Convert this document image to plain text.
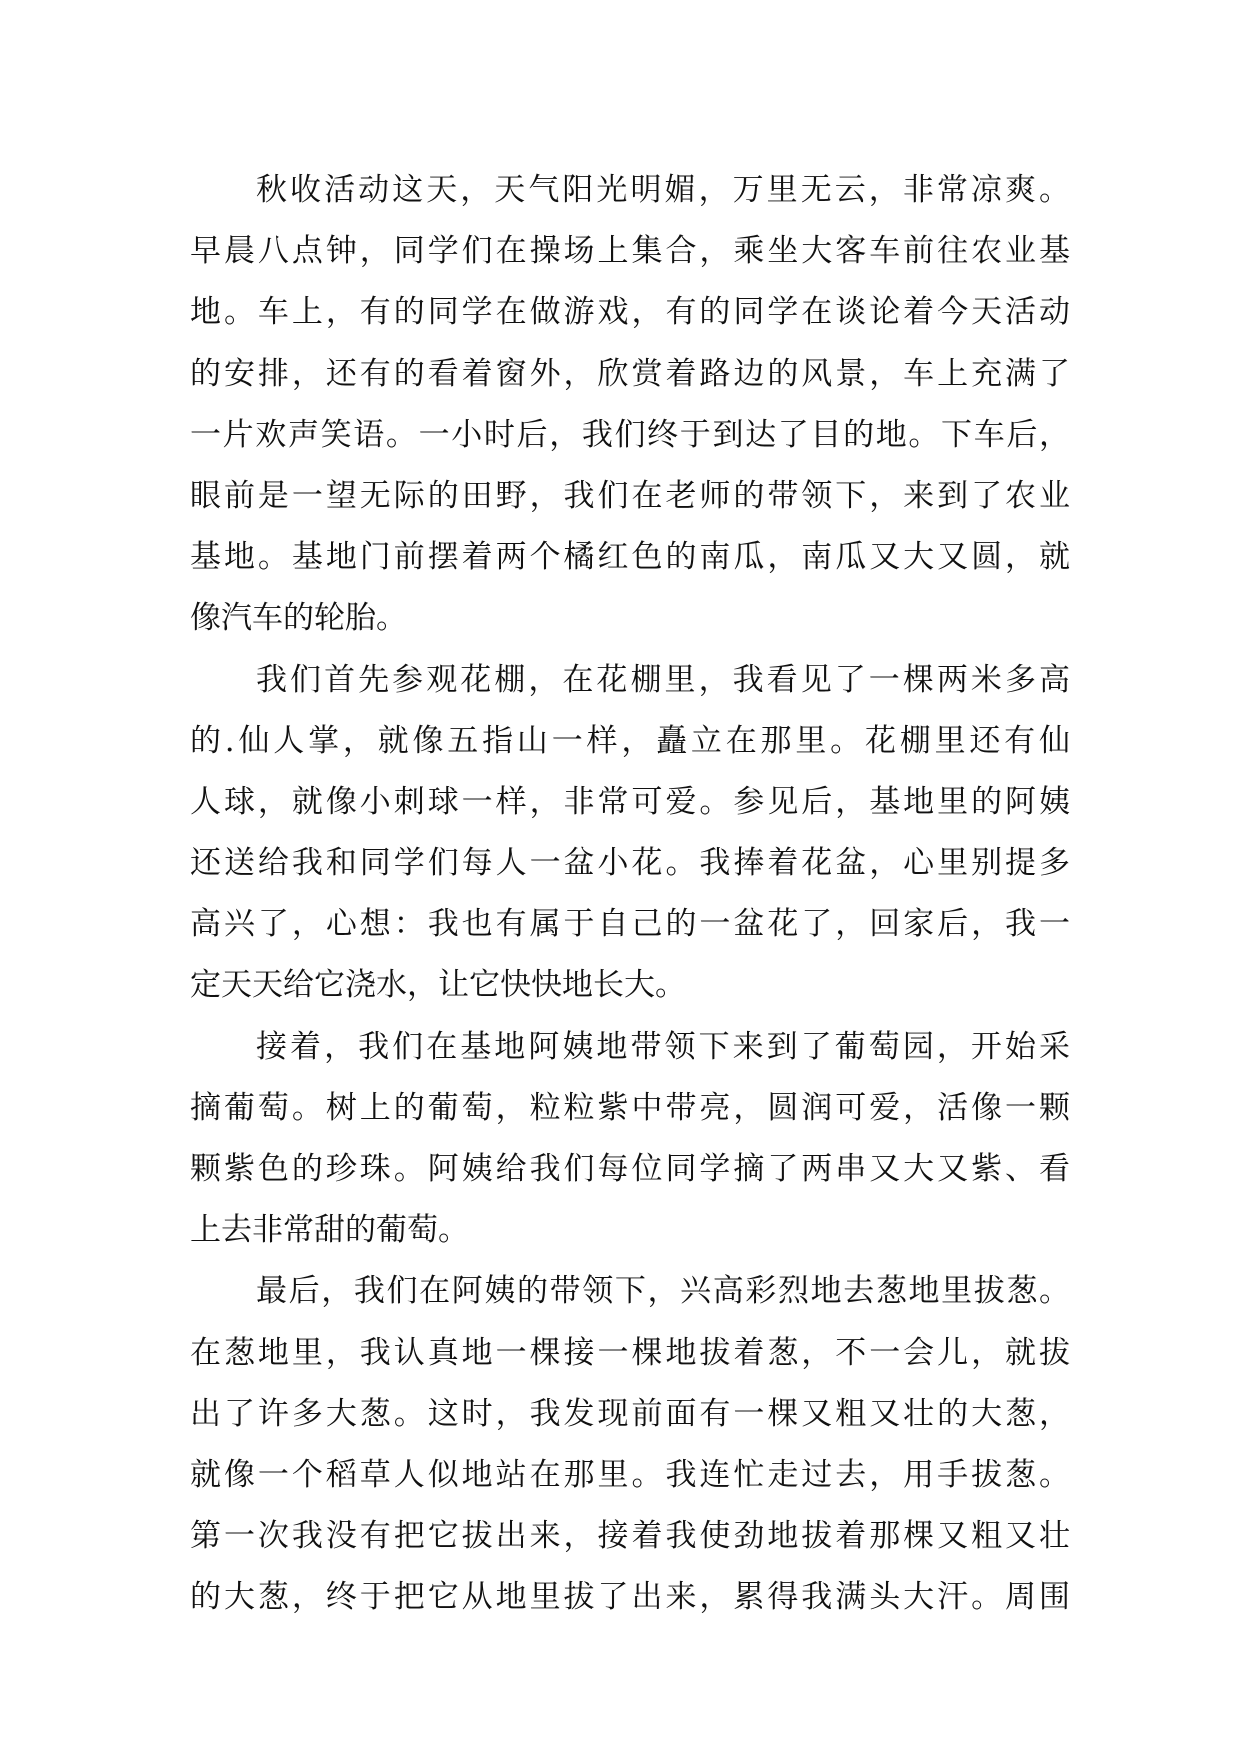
秋收活动这天，天气阳光明媚，万里无云，非常凉爽。
早晨八点钟，同学们在操场上集合，乘坐大客车前往农业基
地。车上，有的同学在做游戏，有的同学在谈论着今天活动
的安排，还有的看着窗外，欣赏着路边的风景，车上充满了
一片欢声笑语。一小时后，我们终于到达了目的地。下车后，
眼前是一望无际的田野，我们在老师的带领下，来到了农业
基地。基地门前摆着两个橘红色的南瓜，南瓜又大又圆，就
像汽车的轮胎。
我们首先参观花棚，在花棚里，我看见了一棵两米多高
的.仙人掌，就像五指山一样，矗立在那里。花棚里还有仙
人球，就像小刺球一样，非常可爱。参见后，基地里的阿姨
还送给我和同学们每人一盆小花。我捧着花盆，心里别提多
高兴了，心想：我也有属于自己的一盆花了，回家后，我一
定天天给它浇水，让它快快地长大。
接着，我们在基地阿姨地带领下来到了葡萄园，开始采
摘葡萄。树上的葡萄，粒粒紫中带亮，圆润可爱，活像一颗
颗紫色的珍珠。阿姨给我们每位同学摘了两串又大又紫、看
上去非常甜的葡萄。
最后，我们在阿姨的带领下，兴高彩烈地去葱地里拔葱。
在葱地里，我认真地一棵接一棵地拔着葱，不一会儿，就拔
出了许多大葱。这时，我发现前面有一棵又粗又壮的大葱，
就像一个稻草人似地站在那里。我连忙走过去，用手拔葱。
第一次我没有把它拔出来，接着我使劲地拔着那棵又粗又壮
的大葱，终于把它从地里拔了出来，累得我满头大汗。周围
